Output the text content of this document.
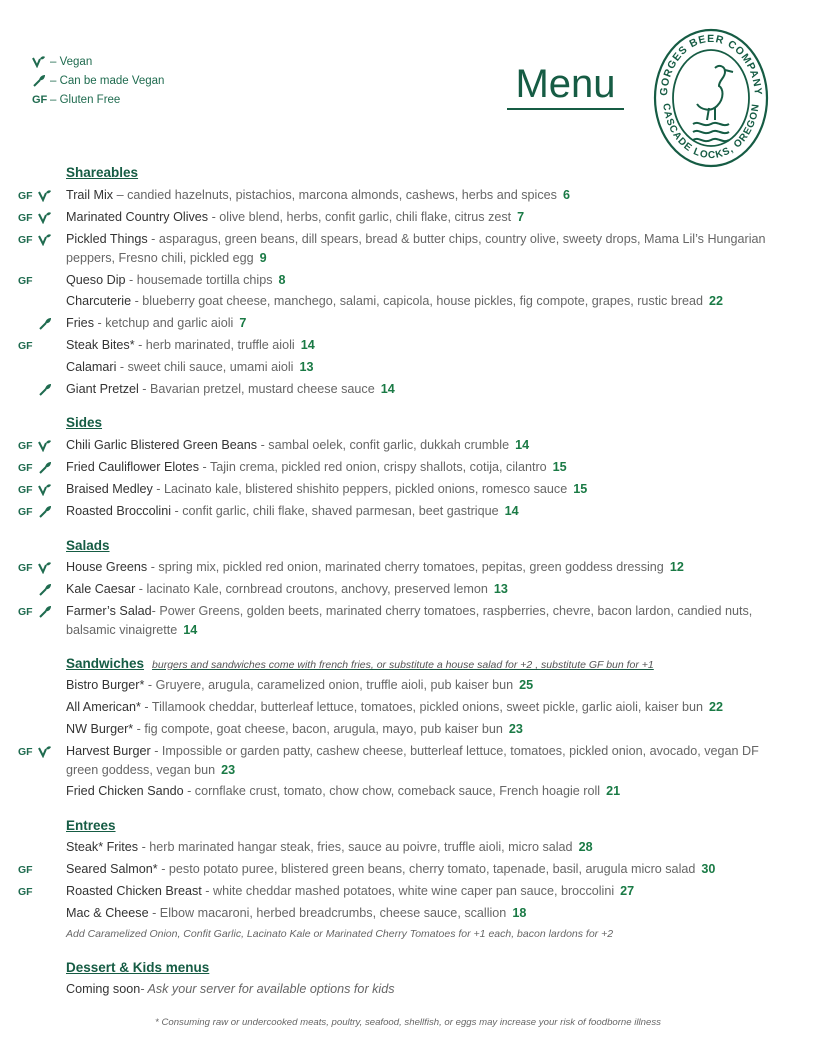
– Vegan
– Can be made Vegan
GF – Gluten Free	Menu	GORGES BEER COMPANY
CASCADE LOCKS, OREGON
Shareables
GF	Trail Mix – candied hazelnuts, pistachios, marcona almonds, cashews, herbs and spices 6
GF	Marinated Country Olives - olive blend, herbs, confit garlic, chili flake, citrus zest 7
GF	Pickled Things - asparagus, green beans, dill spears, bread & butter chips, country olive, sweety drops, Mama Lil’s Hungarian peppers, Fresno chili, pickled egg 9
GF	Queso Dip - housemade tortilla chips 8
Charcuterie - blueberry goat cheese, manchego, salami, capicola, house pickles, fig compote, grapes, rustic bread 22
Fries - ketchup and garlic aioli 7
GF	Steak Bites* - herb marinated, truffle aioli 14
Calamari - sweet chili sauce, umami aioli 13
Giant Pretzel - Bavarian pretzel, mustard cheese sauce 14
Sides
GF	Chili Garlic Blistered Green Beans - sambal oelek, confit garlic, dukkah crumble 14
GF	Fried Cauliflower Elotes - Tajin crema, pickled red onion, crispy shallots, cotija, cilantro 15
GF	Braised Medley - Lacinato kale, blistered shishito peppers, pickled onions, romesco sauce 15
GF	Roasted Broccolini - confit garlic, chili flake, shaved parmesan, beet gastrique 14
Salads
GF	House Greens - spring mix, pickled red onion, marinated cherry tomatoes, pepitas, green goddess dressing 12
Kale Caesar - lacinato Kale, cornbread croutons, anchovy, preserved lemon 13
GF	Farmer’s Salad- Power Greens, golden beets, marinated cherry tomatoes, raspberries, chevre, bacon lardon, candied nuts, balsamic vinaigrette 14
Sandwiches burgers and sandwiches come with french fries, or substitute a house salad for +2 , substitute GF bun for +1
Bistro Burger* - Gruyere, arugula, caramelized onion, truffle aioli, pub kaiser bun 25
All American* - Tillamook cheddar, butterleaf lettuce, tomatoes, pickled onions, sweet pickle, garlic aioli, kaiser bun 22
NW Burger* - fig compote, goat cheese, bacon, arugula, mayo, pub kaiser bun 23
GF	Harvest Burger - Impossible or garden patty, cashew cheese, butterleaf lettuce, tomatoes, pickled onion, avocado, vegan DF green goddess, vegan bun 23
Fried Chicken Sando - cornflake crust, tomato, chow chow, comeback sauce, French hoagie roll 21
Entrees
Steak* Frites - herb marinated hangar steak, fries, sauce au poivre, truffle aioli, micro salad 28
GF	Seared Salmon* - pesto potato puree, blistered green beans, cherry tomato, tapenade, basil, arugula micro salad 30
GF	Roasted Chicken Breast - white cheddar mashed potatoes, white wine caper pan sauce, broccolini 27
Mac & Cheese - Elbow macaroni, herbed breadcrumbs, cheese sauce, scallion 18
Add Caramelized Onion, Confit Garlic, Lacinato Kale or Marinated Cherry Tomatoes for +1 each, bacon lardons for +2
Dessert & Kids menus
Coming soon- Ask your server for available options for kids
* Consuming raw or undercooked meats, poultry, seafood, shellfish, or eggs may increase your risk of foodborne illness
